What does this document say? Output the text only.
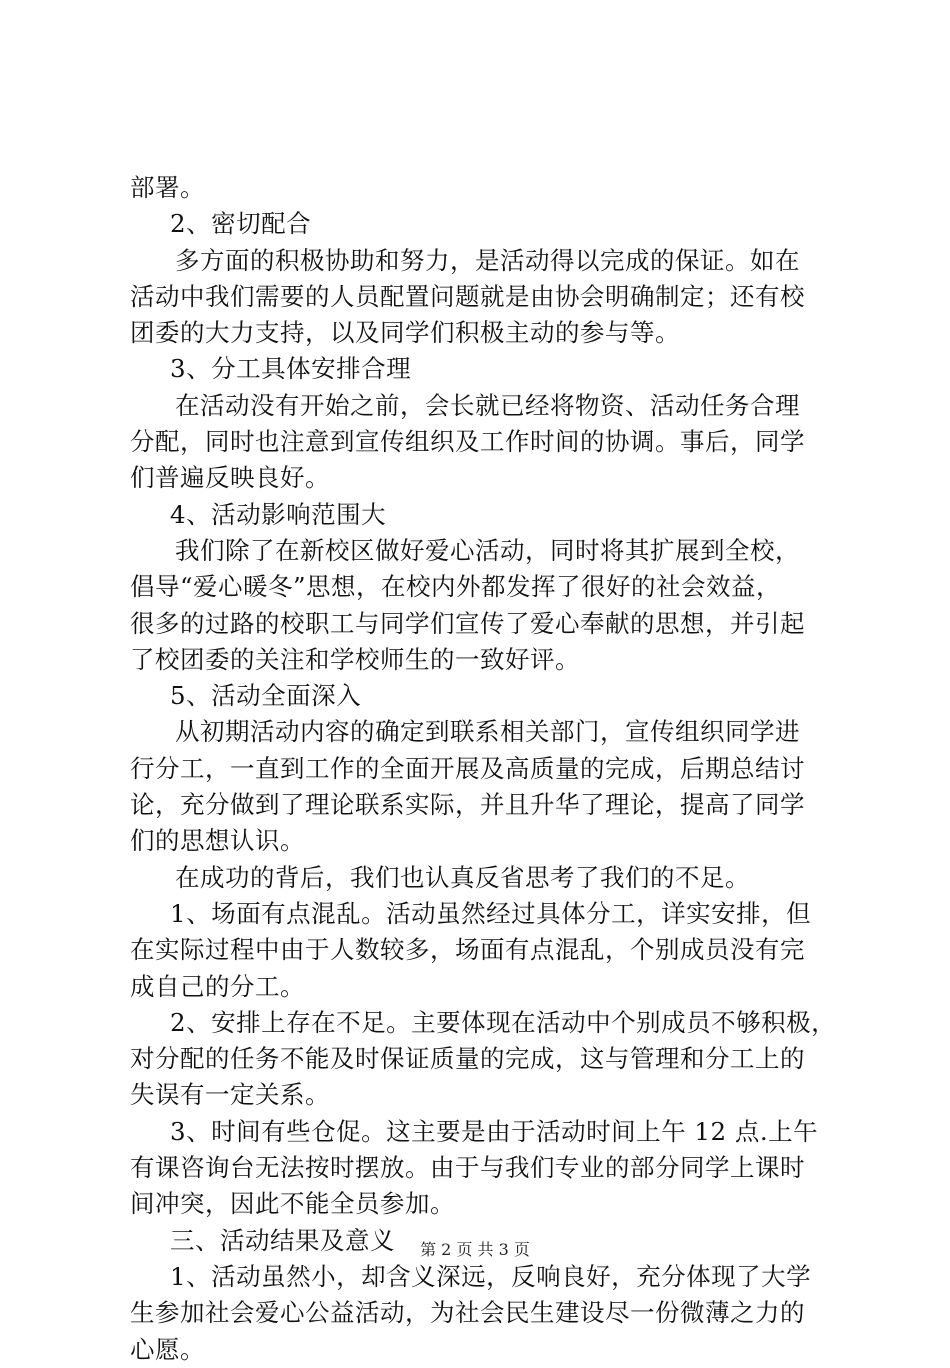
部署。
2、密切配合
多方面的积极协助和努力，是活动得以完成的保证。如在
活动中我们需要的人员配置问题就是由协会明确制定；还有校
团委的大力支持，以及同学们积极主动的参与等。
3、分工具体安排合理
在活动没有开始之前，会长就已经将物资、活动任务合理
分配，同时也注意到宣传组织及工作时间的协调。事后，同学
们普遍反映良好。
4、活动影响范围大
我们除了在新校区做好爱心活动，同时将其扩展到全校，
倡导“爱心暖冬”思想，在校内外都发挥了很好的社会效益，
很多的过路的校职工与同学们宣传了爱心奉献的思想，并引起
了校团委的关注和学校师生的一致好评。
5、活动全面深入
从初期活动内容的确定到联系相关部门，宣传组织同学进
行分工，一直到工作的全面开展及高质量的完成，后期总结讨
论，充分做到了理论联系实际，并且升华了理论，提高了同学
们的思想认识。
在成功的背后，我们也认真反省思考了我们的不足。
1、场面有点混乱。活动虽然经过具体分工，详实安排，但
在实际过程中由于人数较多，场面有点混乱，个别成员没有完
成自己的分工。
2、安排上存在不足。主要体现在活动中个别成员不够积极，
对分配的任务不能及时保证质量的完成，这与管理和分工上的
失误有一定关系。
3、时间有些仓促。这主要是由于活动时间上午 12 点.上午
有课咨询台无法按时摆放。由于与我们专业的部分同学上课时
间冲突，因此不能全员参加。
三、活动结果及意义
1、活动虽然小，却含义深远，反响良好，充分体现了大学
生参加社会爱心公益活动，为社会民生建设尽一份微薄之力的
心愿。
第 2 页 共 3 页
